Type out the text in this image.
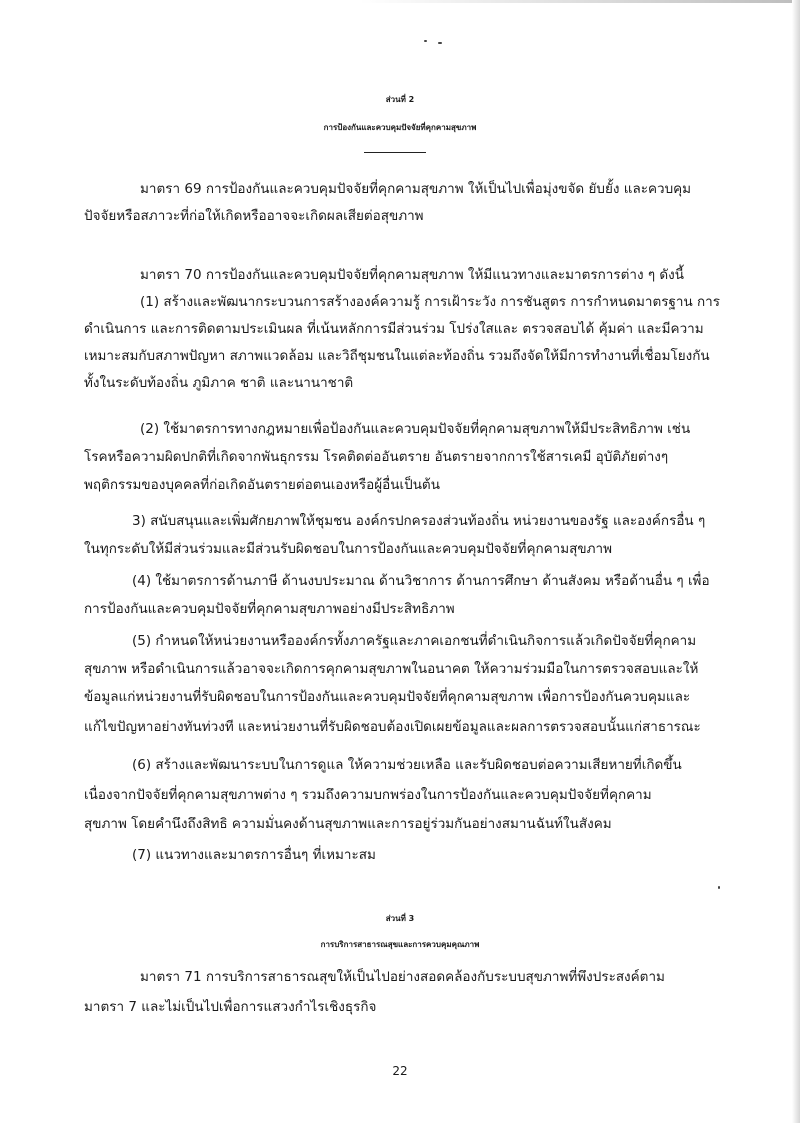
ส่วนที่ 2
การป้องกันและควบคุมปัจจัยที่คุกคามสุขภาพ
มาตรา 69 การป้องกันและควบคุมปัจจัยที่คุกคามสุขภาพ ให้เป็นไปเพื่อมุ่งขจัด ยับยั้ง และควบคุม
ปัจจัยหรือสภาวะที่ก่อให้เกิดหรืออาจจะเกิดผลเสียต่อสุขภาพ
มาตรา 70 การป้องกันและควบคุมปัจจัยที่คุกคามสุขภาพ ให้มีแนวทางและมาตรการต่าง ๆ ดังนี้
(1) สร้างและพัฒนากระบวนการสร้างองค์ความรู้ การเฝ้าระวัง การชันสูตร การกำหนดมาตรฐาน การ
ดำเนินการ และการติดตามประเมินผล ที่เน้นหลักการมีส่วนร่วม โปร่งใสและ ตรวจสอบได้ คุ้มค่า และมีความ
เหมาะสมกับสภาพปัญหา สภาพแวดล้อม และวิถีชุมชนในแต่ละท้องถิ่น รวมถึงจัดให้มีการทำงานที่เชื่อมโยงกัน
ทั้งในระดับท้องถิ่น ภูมิภาค ชาติ และนานาชาติ
(2) ใช้มาตรการทางกฎหมายเพื่อป้องกันและควบคุมปัจจัยที่คุกคามสุขภาพให้มีประสิทธิภาพ เช่น
โรคหรือความผิดปกติที่เกิดจากพันธุกรรม โรคติดต่ออันตราย อันตรายจากการใช้สารเคมี อุบัติภัยต่างๆ
พฤติกรรมของบุคคลที่ก่อเกิดอันตรายต่อตนเองหรือผู้อื่นเป็นต้น
3) สนับสนุนและเพิ่มศักยภาพให้ชุมชน องค์กรปกครองส่วนท้องถิ่น หน่วยงานของรัฐ และองค์กรอื่น ๆ
ในทุกระดับให้มีส่วนร่วมและมีส่วนรับผิดชอบในการป้องกันและควบคุมปัจจัยที่คุกคามสุขภาพ
(4) ใช้มาตรการด้านภาษี ด้านงบประมาณ ด้านวิชาการ ด้านการศึกษา ด้านสังคม หรือด้านอื่น ๆ เพื่อ
การป้องกันและควบคุมปัจจัยที่คุกคามสุขภาพอย่างมีประสิทธิภาพ
(5) กำหนดให้หน่วยงานหรือองค์กรทั้งภาครัฐและภาคเอกชนที่ดำเนินกิจการแล้วเกิดปัจจัยที่คุกคาม
สุขภาพ หรือดำเนินการแล้วอาจจะเกิดการคุกคามสุขภาพในอนาคต ให้ความร่วมมือในการตรวจสอบและให้
ข้อมูลแก่หน่วยงานที่รับผิดชอบในการป้องกันและควบคุมปัจจัยที่คุกคามสุขภาพ เพื่อการป้องกันควบคุมและ
แก้ไขปัญหาอย่างทันท่วงที และหน่วยงานที่รับผิดชอบต้องเปิดเผยข้อมูลและผลการตรวจสอบนั้นแก่สาธารณะ
(6) สร้างและพัฒนาระบบในการดูแล ให้ความช่วยเหลือ และรับผิดชอบต่อความเสียหายที่เกิดขึ้น
เนื่องจากปัจจัยที่คุกคามสุขภาพต่าง ๆ รวมถึงความบกพร่องในการป้องกันและควบคุมปัจจัยที่คุกคาม
สุขภาพ โดยคำนึงถึงสิทธิ ความมั่นคงด้านสุขภาพและการอยู่ร่วมกันอย่างสมานฉันท์ในสังคม
(7) แนวทางและมาตรการอื่นๆ ที่เหมาะสม
ส่วนที่ 3
การบริการสาธารณสุขและการควบคุมคุณภาพ
มาตรา 71 การบริการสาธารณสุขให้เป็นไปอย่างสอดคล้องกับระบบสุขภาพที่พึงประสงค์ตาม
มาตรา 7 และไม่เป็นไปเพื่อการแสวงกำไรเชิงธุรกิจ
22
